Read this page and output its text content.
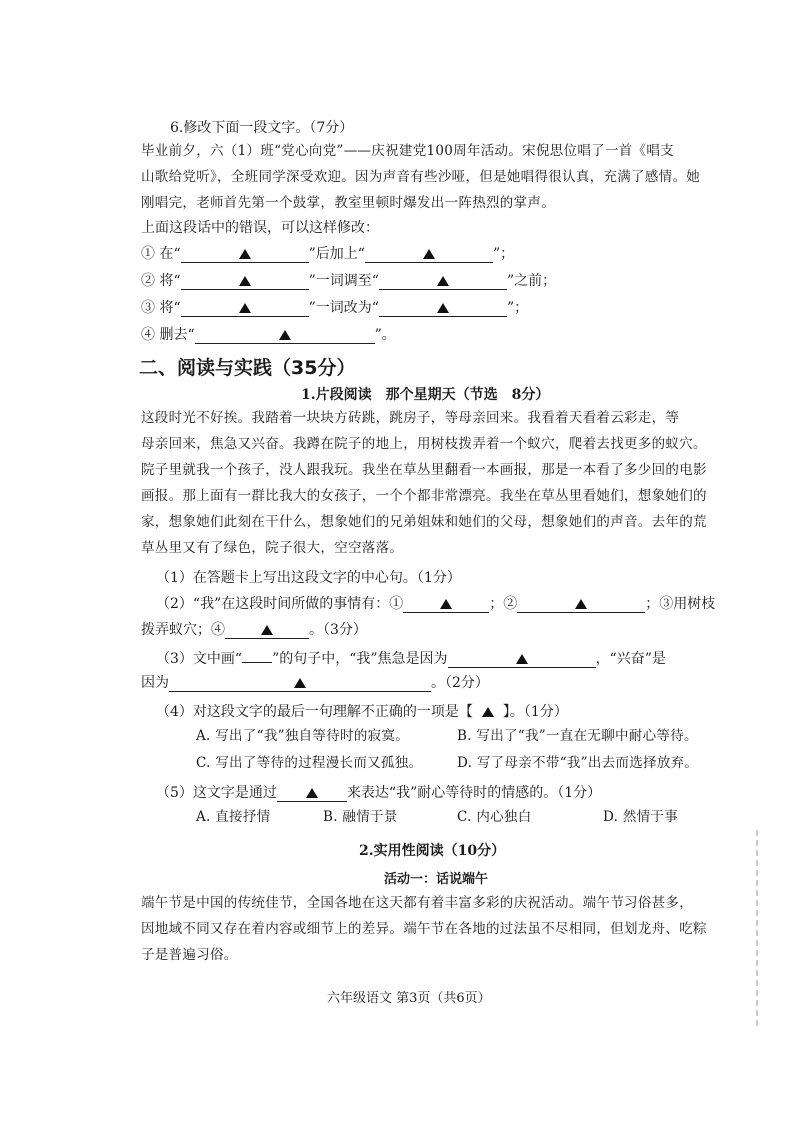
6.修改下面一段文字。（7分）
毕业前夕，六（1）班“党心向党”——庆祝建党100周年活动。宋倪思位唱了一首《唱支
山歌给党听》，全班同学深受欢迎。因为声音有些沙哑，但是她唱得很认真，充满了感情。她
刚唱完，老师首先第一个鼓掌，教室里顿时爆发出一阵热烈的掌声。
上面这段话中的错误，可以这样修改：
① 在“	”后加上“	”；
② 将“	”一词调至“	”之前；
③ 将“	”一词改为“	”；
④ 删去“	”。
二、阅读与实践（35分）
1.片段阅读　那个星期天（节选　8分）
这段时光不好挨。我踏着一块块方砖跳，跳房子，等母亲回来。我看着天看着云彩走，等
母亲回来，焦急又兴奋。我蹲在院子的地上，用树枝拨弄着一个蚁穴，爬着去找更多的蚁穴。
院子里就我一个孩子，没人跟我玩。我坐在草丛里翻看一本画报，那是一本看了多少回的电影
画报。那上面有一群比我大的女孩子，一个个都非常漂亮。我坐在草丛里看她们，想象她们的
家，想象她们此刻在干什么，想象她们的兄弟姐妹和她们的父母，想象她们的声音。去年的荒
草丛里又有了绿色，院子很大，空空落落。
（1）在答题卡上写出这段文字的中心句。（1分）
（2）“我”在这段时间所做的事情有：①	；②	；③用树枝
拨弄蚁穴；④	。（3分）
（3）文中画“ ”的句子中，“我”焦急是因为	，“兴奋”是
因为	。（2分）
（4）对这段文字的最后一句理解不正确的一项是【 】。（1分）
A. 写出了“我”独自等待时的寂寞。	B. 写出了“我”一直在无聊中耐心等待。
C. 写出了等待的过程漫长而又孤独。	D. 写了母亲不带“我”出去而选择放弃。
（5）这文字是通过	来表达“我”耐心等待时的情感的。（1分）
A. 直接抒情	B. 融情于景	C. 内心独白	D. 然情于事
2.实用性阅读（10分）
活动一：话说端午
端午节是中国的传统佳节，全国各地在这天都有着丰富多彩的庆祝活动。端午节习俗甚多，
因地域不同又存在着内容或细节上的差异。端午节在各地的过法虽不尽相同，但划龙舟、吃粽
子是普遍习俗。
六年级语文 第3页（共6页）
